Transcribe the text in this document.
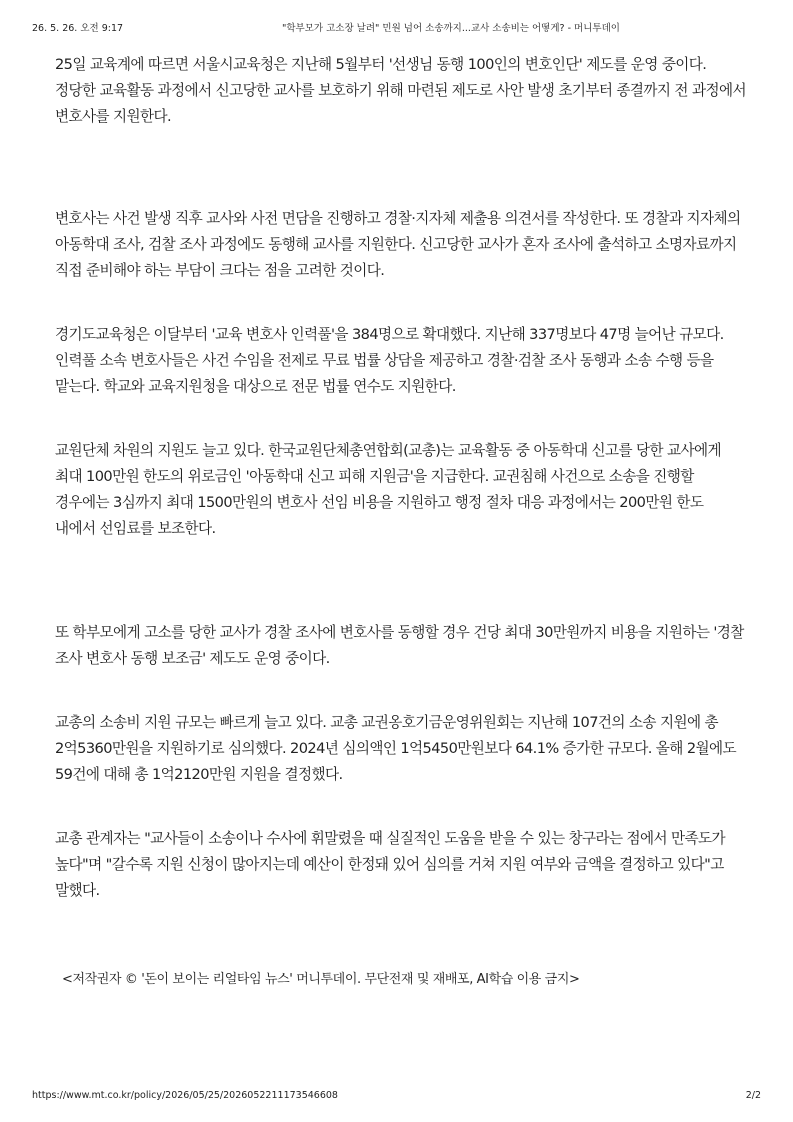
26. 5. 26. 오전 9:17	"학부모가 고소장 날려" 민원 넘어 소송까지...교사 소송비는 어떻게? - 머니투데이

25일 교육계에 따르면 서울시교육청은 지난해 5월부터 '선생님 동행 100인의 변호인단' 제도를 운영 중이다. 정당한 교육활동 과정에서 신고당한 교사를 보호하기 위해 마련된 제도로 사안 발생 초기부터 종결까지 전 과정에서 변호사를 지원한다.

변호사는 사건 발생 직후 교사와 사전 면담을 진행하고 경찰·지자체 제출용 의견서를 작성한다. 또 경찰과 지자체의 아동학대 조사, 검찰 조사 과정에도 동행해 교사를 지원한다. 신고당한 교사가 혼자 조사에 출석하고 소명자료까지 직접 준비해야 하는 부담이 크다는 점을 고려한 것이다.

경기도교육청은 이달부터 '교육 변호사 인력풀'을 384명으로 확대했다. 지난해 337명보다 47명 늘어난 규모다. 인력풀 소속 변호사들은 사건 수임을 전제로 무료 법률 상담을 제공하고 경찰·검찰 조사 동행과 소송 수행 등을 맡는다. 학교와 교육지원청을 대상으로 전문 법률 연수도 지원한다.

교원단체 차원의 지원도 늘고 있다. 한국교원단체총연합회(교총)는 교육활동 중 아동학대 신고를 당한 교사에게 최대 100만원 한도의 위로금인 '아동학대 신고 피해 지원금'을 지급한다. 교권침해 사건으로 소송을 진행할 경우에는 3심까지 최대 1500만원의 변호사 선임 비용을 지원하고 행정 절차 대응 과정에서는 200만원 한도 내에서 선임료를 보조한다.

또 학부모에게 고소를 당한 교사가 경찰 조사에 변호사를 동행할 경우 건당 최대 30만원까지 비용을 지원하는 '경찰 조사 변호사 동행 보조금' 제도도 운영 중이다.

교총의 소송비 지원 규모는 빠르게 늘고 있다. 교총 교권옹호기금운영위원회는 지난해 107건의 소송 지원에 총 2억5360만원을 지원하기로 심의했다. 2024년 심의액인 1억5450만원보다 64.1% 증가한 규모다. 올해 2월에도 59건에 대해 총 1억2120만원 지원을 결정했다.

교총 관계자는 "교사들이 소송이나 수사에 휘말렸을 때 실질적인 도움을 받을 수 있는 창구라는 점에서 만족도가 높다"며 "갈수록 지원 신청이 많아지는데 예산이 한정돼 있어 심의를 거쳐 지원 여부와 금액을 결정하고 있다"고 말했다.

<저작권자 © '돈이 보이는 리얼타임 뉴스' 머니투데이. 무단전재 및 재배포, AI학습 이용 금지>
https://www.mt.co.kr/policy/2026/05/25/2026052211173546608	2/2
